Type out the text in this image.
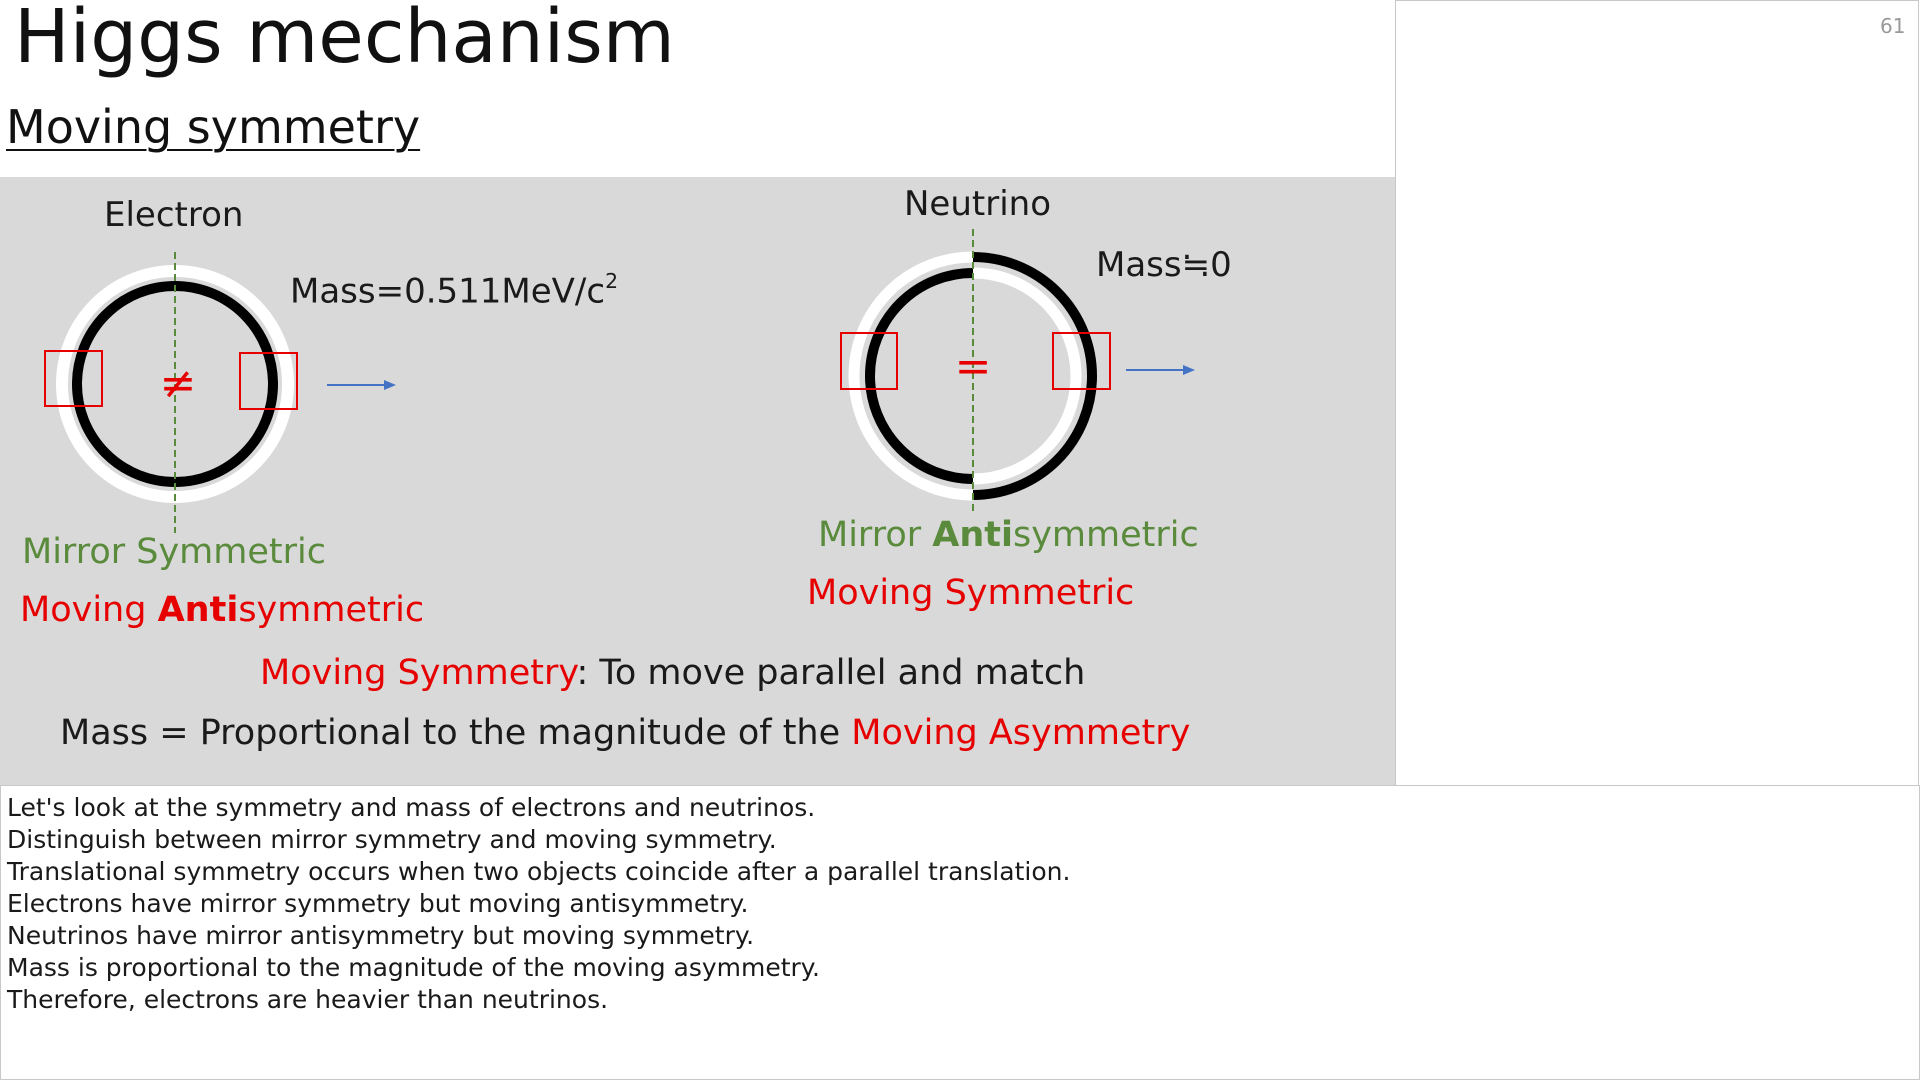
Higgs mechanism	61
Moving symmetry
≠	=
Electron
$Mass=0.511MeV/c^2$
Mirror Symmetric
Moving Antisymmetric
Neutrino
Mass≒0
Mirror Antisymmetric
Moving Symmetric
Moving Symmetry: To move parallel and match
Mass = Proportional to the magnitude of the Moving Asymmetry
Let's look at the symmetry and mass of electrons and neutrinos.
Distinguish between mirror symmetry and moving symmetry.
Translational symmetry occurs when two objects coincide after a parallel translation.
Electrons have mirror symmetry but moving antisymmetry.
Neutrinos have mirror antisymmetry but moving symmetry.
Mass is proportional to the magnitude of the moving asymmetry.
Therefore, electrons are heavier than neutrinos.
